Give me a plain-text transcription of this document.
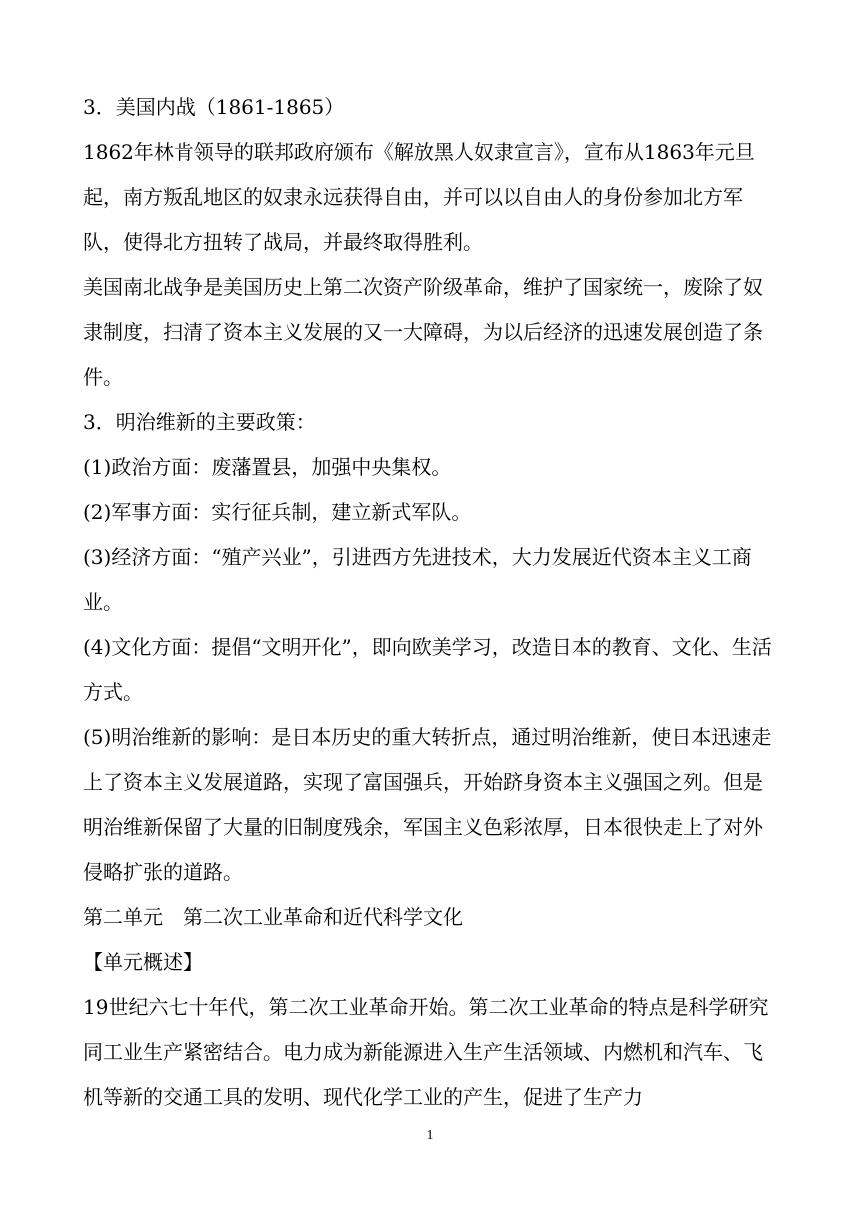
3．美国内战（1861-1865）

1862年林肯领导的联邦政府颁布《解放黑人奴隶宣言》，宣布从1863年元旦起，南方叛乱地区的奴隶永远获得自由，并可以以自由人的身份参加北方军队，使得北方扭转了战局，并最终取得胜利。

美国南北战争是美国历史上第二次资产阶级革命，维护了国家统一，废除了奴隶制度，扫清了资本主义发展的又一大障碍，为以后经济的迅速发展创造了条件。

3．明治维新的主要政策：

(1)政治方面：废藩置县，加强中央集权。

(2)军事方面：实行征兵制，建立新式军队。

(3)经济方面：“殖产兴业”，引进西方先进技术，大力发展近代资本主义工商业。

(4)文化方面：提倡“文明开化”，即向欧美学习，改造日本的教育、文化、生活方式。

(5)明治维新的影响：是日本历史的重大转折点，通过明治维新，使日本迅速走上了资本主义发展道路，实现了富国强兵，开始跻身资本主义强国之列。但是明治维新保留了大量的旧制度残余，军国主义色彩浓厚，日本很快走上了对外侵略扩张的道路。

第二单元　第二次工业革命和近代科学文化

【单元概述】

19世纪六七十年代，第二次工业革命开始。第二次工业革命的特点是科学研究同工业生产紧密结合。电力成为新能源进入生产生活领域、内燃机和汽车、飞机等新的交通工具的发明、现代化学工业的产生，促进了生产力

1
